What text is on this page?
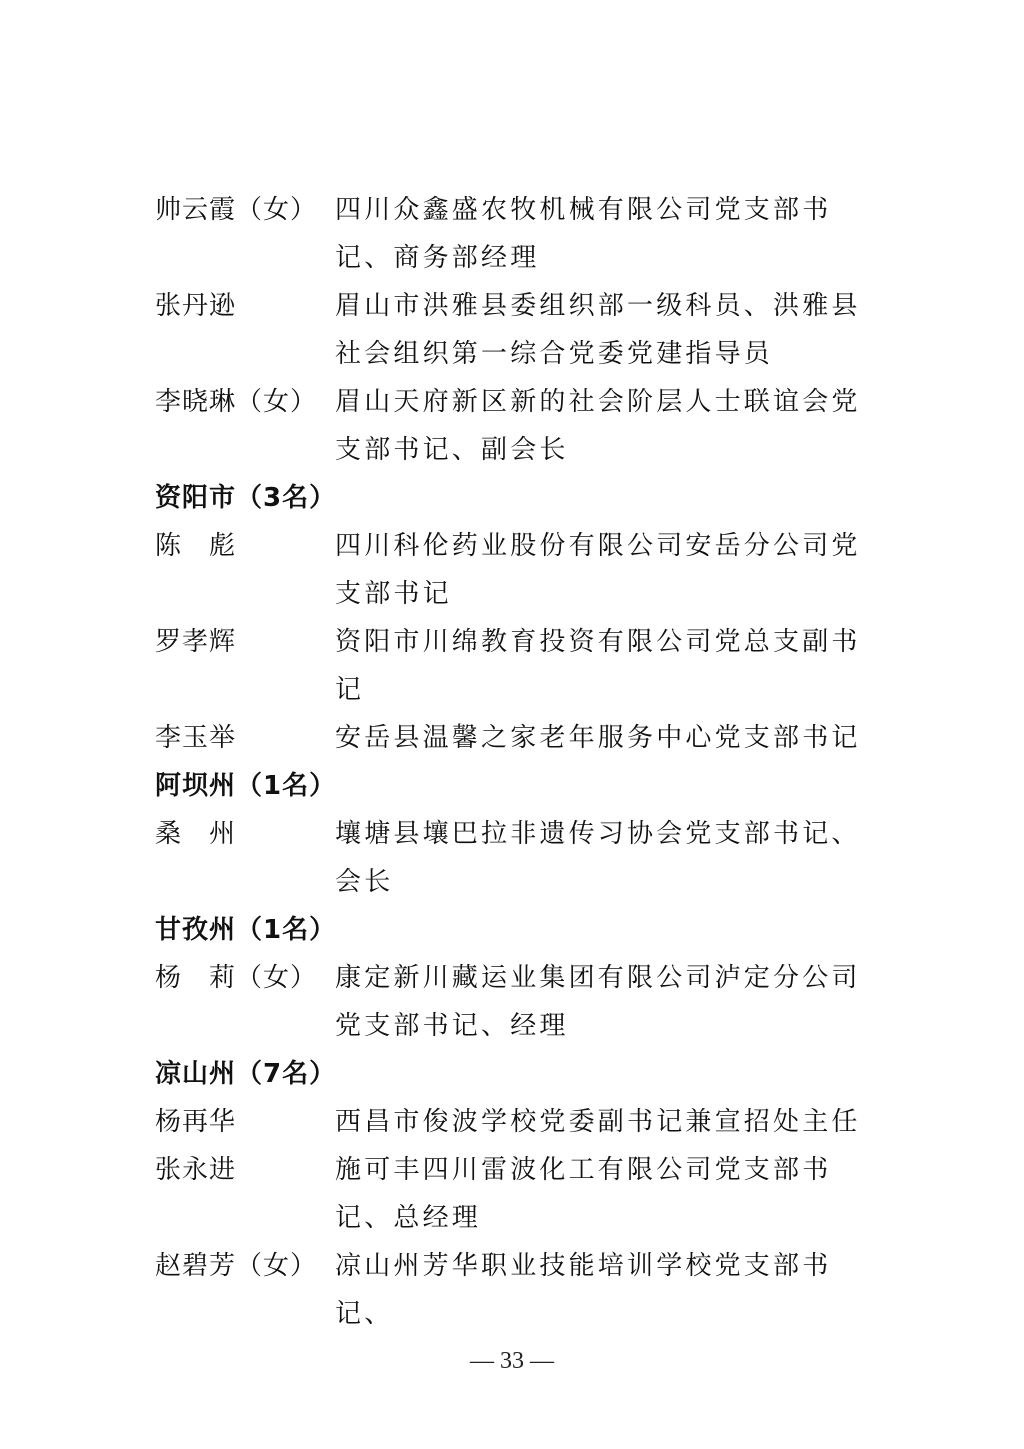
帅云霞（女） 四川众鑫盛农牧机械有限公司党支部书记、商务部经理
张丹逊	眉山市洪雅县委组织部一级科员、洪雅县社会组织第一综合党委党建指导员
李晓琳（女） 眉山天府新区新的社会阶层人士联谊会党支部书记、副会长
资阳市（3名）
陈　彪	四川科伦药业股份有限公司安岳分公司党支部书记
罗孝辉	资阳市川绵教育投资有限公司党总支副书记
李玉举	安岳县温馨之家老年服务中心党支部书记
阿坝州（1名）
桑　州	壤塘县壤巴拉非遗传习协会党支部书记、会长
甘孜州（1名）
杨　莉（女） 康定新川藏运业集团有限公司泸定分公司党支部书记、经理
凉山州（7名）
杨再华	西昌市俊波学校党委副书记兼宣招处主任
张永进	施可丰四川雷波化工有限公司党支部书记、总经理
赵碧芳（女） 凉山州芳华职业技能培训学校党支部书记、
— 33 —
